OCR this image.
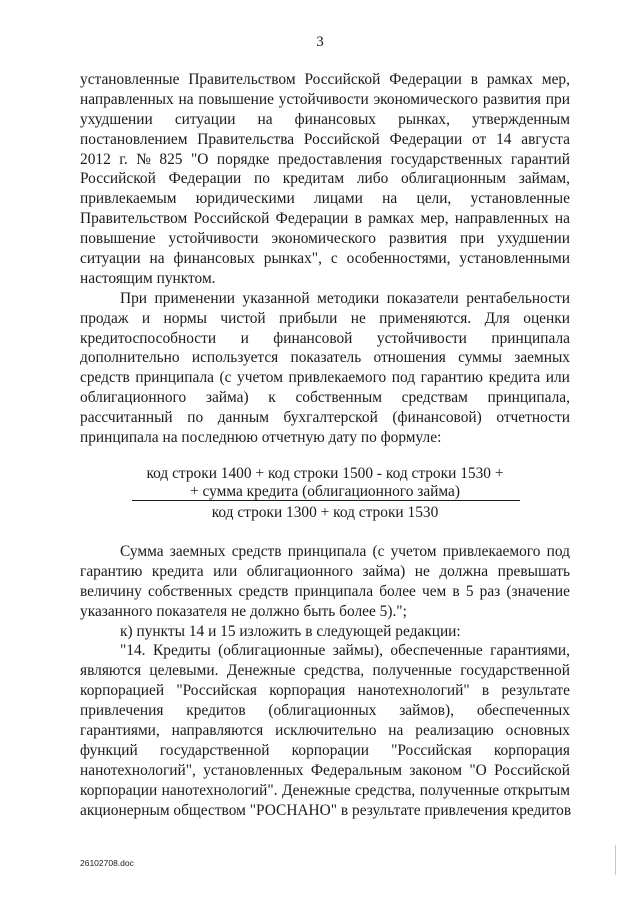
3
установленные Правительством Российской Федерации в рамках мер,
направленных на повышение устойчивости экономического развития при
ухудшении ситуации на финансовых рынках, утвержденным
постановлением Правительства Российской Федерации от 14 августа
2012 г. № 825 "О порядке предоставления государственных гарантий
Российской Федерации по кредитам либо облигационным займам,
привлекаемым юридическими лицами на цели, установленные
Правительством Российской Федерации в рамках мер, направленных на
повышение устойчивости экономического развития при ухудшении
ситуации на финансовых рынках", с особенностями, установленными
настоящим пунктом.
При применении указанной методики показатели рентабельности
продаж и нормы чистой прибыли не применяются. Для оценки
кредитоспособности и финансовой устойчивости принципала
дополнительно используется показатель отношения суммы заемных
средств принципала (с учетом привлекаемого под гарантию кредита или
облигационного займа) к собственным средствам принципала,
рассчитанный по данным бухгалтерской (финансовой) отчетности
принципала на последнюю отчетную дату по формуле:
код строки 1400 + код строки 1500 - код строки 1530 +
+ сумма кредита (облигационного займа)
код строки 1300 + код строки 1530
Сумма заемных средств принципала (с учетом привлекаемого под
гарантию кредита или облигационного займа) не должна превышать
величину собственных средств принципала более чем в 5 раз (значение
указанного показателя не должно быть более 5).";
к) пункты 14 и 15 изложить в следующей редакции:
"14. Кредиты (облигационные займы), обеспеченные гарантиями,
являются целевыми. Денежные средства, полученные государственной
корпорацией "Российская корпорация нанотехнологий" в результате
привлечения кредитов (облигационных займов), обеспеченных
гарантиями, направляются исключительно на реализацию основных
функций государственной корпорации "Российская корпорация
нанотехнологий", установленных Федеральным законом "О Российской
корпорации нанотехнологий". Денежные средства, полученные открытым
акционерным обществом "РОСНАНО" в результате привлечения кредитов
26102708.doc
